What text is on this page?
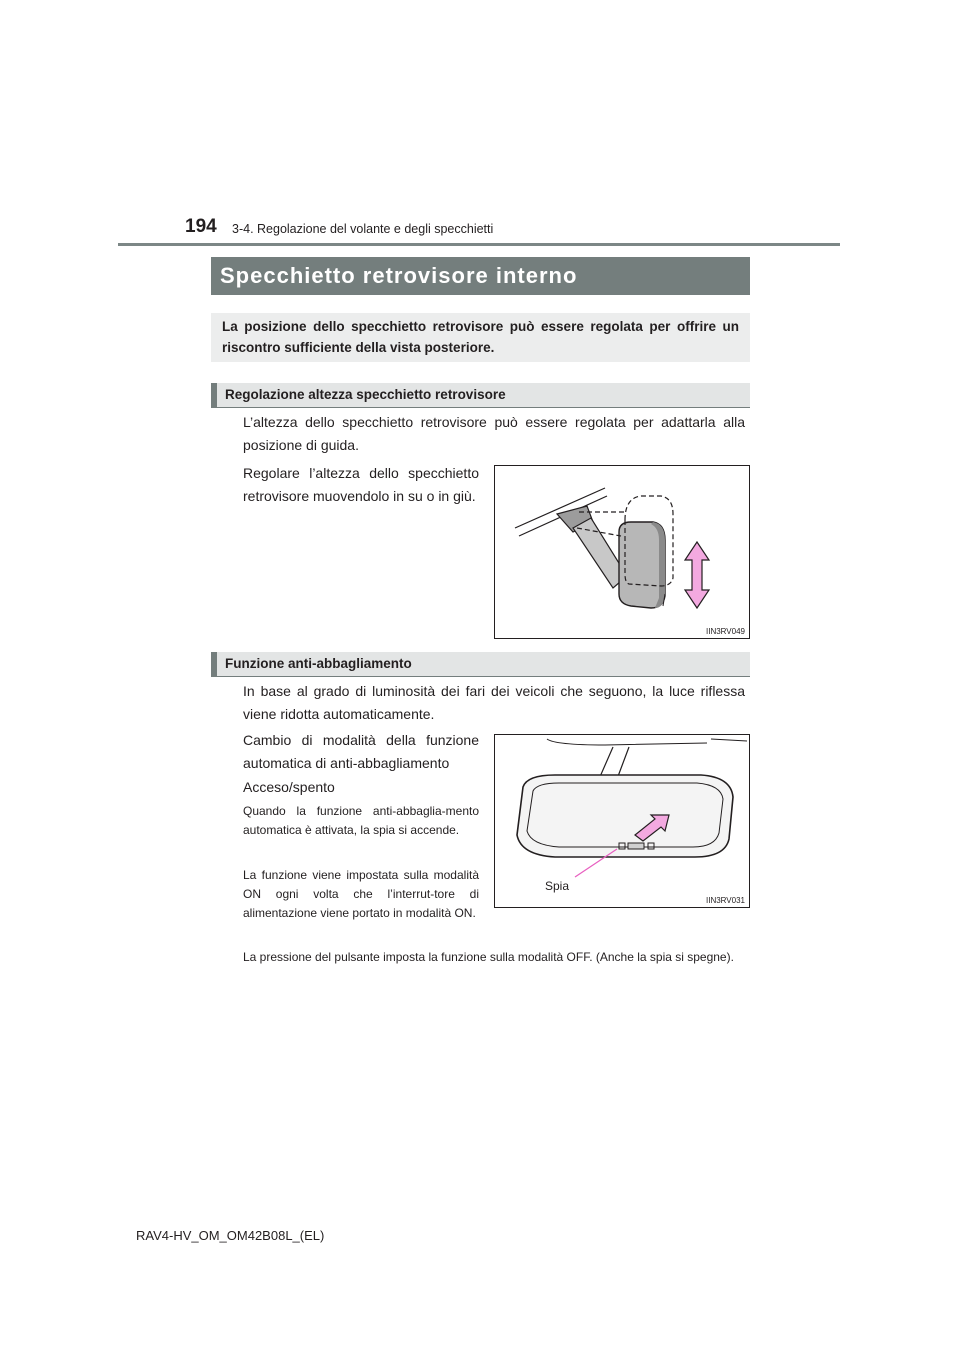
194 3-4. Regolazione del volante e degli specchietti
Specchietto retrovisore interno
La posizione dello specchietto retrovisore può essere regolata per offrire un riscontro sufficiente della vista posteriore.
Regolazione altezza specchietto retrovisore
L’altezza dello specchietto retrovisore può essere regolata per adattarla alla posizione di guida.
Regolare l’altezza dello specchietto retrovisore muovendolo in su o in giù.
IIN3RV049
Funzione anti-abbagliamento
In base al grado di luminosità dei fari dei veicoli che seguono, la luce riflessa viene ridotta automaticamente.
Cambio di modalità della funzione automatica di anti-abbagliamento
Acceso/spento
Quando la funzione anti-abbaglia-mento automatica è attivata, la spia si accende.
La funzione viene impostata sulla modalità ON ogni volta che l’interrut-tore di alimentazione viene portato in modalità ON.
La pressione del pulsante imposta la funzione sulla modalità OFF. (Anche la spia si spegne).
Spia
IIN3RV031
RAV4-HV_OM_OM42B08L_(EL)
